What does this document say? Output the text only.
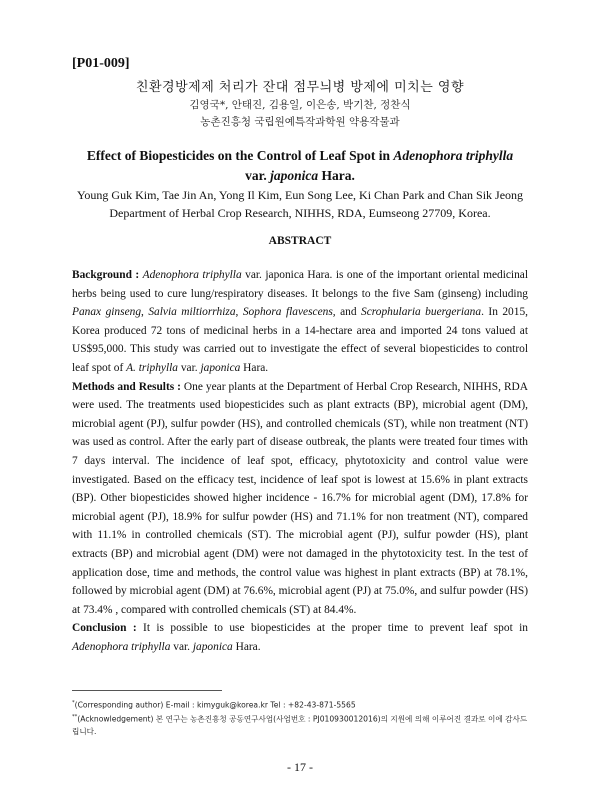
[P01-009]
친환경방제제 처리가 잔대 점무늬병 방제에 미치는 영향
김영국*, 안태진, 김용일, 이은송, 박기찬, 정찬식
농촌진흥청 국립원예특작과학원 약용작물과
Effect of Biopesticides on the Control of Leaf Spot in Adenophora triphylla
var. japonica Hara.
Young Guk Kim, Tae Jin An, Yong Il Kim, Eun Song Lee, Ki Chan Park and Chan Sik Jeong
Department of Herbal Crop Research, NIHHS, RDA, Eumseong 27709, Korea.
ABSTRACT

Background : Adenophora triphylla var. japonica Hara. is one of the important oriental medicinal herbs being used to cure lung/respiratory diseases. It belongs to the five Sam (ginseng) including Panax ginseng, Salvia miltiorrhiza, Sophora flavescens, and Scrophularia buergeriana. In 2015, Korea produced 72 tons of medicinal herbs in a 14-hectare area and imported 24 tons valued at US$95,000. This study was carried out to investigate the effect of several biopesticides to control leaf spot of A. triphylla var. japonica Hara.

Methods and Results : One year plants at the Department of Herbal Crop Research, NIHHS, RDA were used. The treatments used biopesticides such as plant extracts (BP), microbial agent (DM), microbial agent (PJ), sulfur powder (HS), and controlled chemicals (ST), while non treatment (NT) was used as control. After the early part of disease outbreak, the plants were treated four times with 7 days interval. The incidence of leaf spot, efficacy, phytotoxicity and control value were investigated. Based on the efficacy test, incidence of leaf spot is lowest at 15.6% in plant extracts (BP). Other biopesticides showed higher incidence - 16.7% for microbial agent (DM), 17.8% for microbial agent (PJ), 18.9% for sulfur powder (HS) and 71.1% for non treatment (NT), compared with 11.1% in controlled chemicals (ST). The microbial agent (PJ), sulfur powder (HS), plant extracts (BP) and microbial agent (DM) were not damaged in the phytotoxicity test. In the test of application dose, time and methods, the control value was highest in plant extracts (BP) at 78.1%, followed by microbial agent (DM) at 76.6%, microbial agent (PJ) at 75.0%, and sulfur powder (HS) at 73.4% , compared with controlled chemicals (ST) at 84.4%.

Conclusion : It is possible to use biopesticides at the proper time to prevent leaf spot in Adenophora triphylla var. japonica Hara.

*(Corresponding author) E-mail : kimyguk@korea.kr Tel : +82-43-871-5565
**(Acknowledgement) 본 연구는 농촌진흥청 공동연구사업(사업번호 : PJ010930012016)의 지원에 의해 이루어진 결과로 이에 감사드립니다.
- 17 -
